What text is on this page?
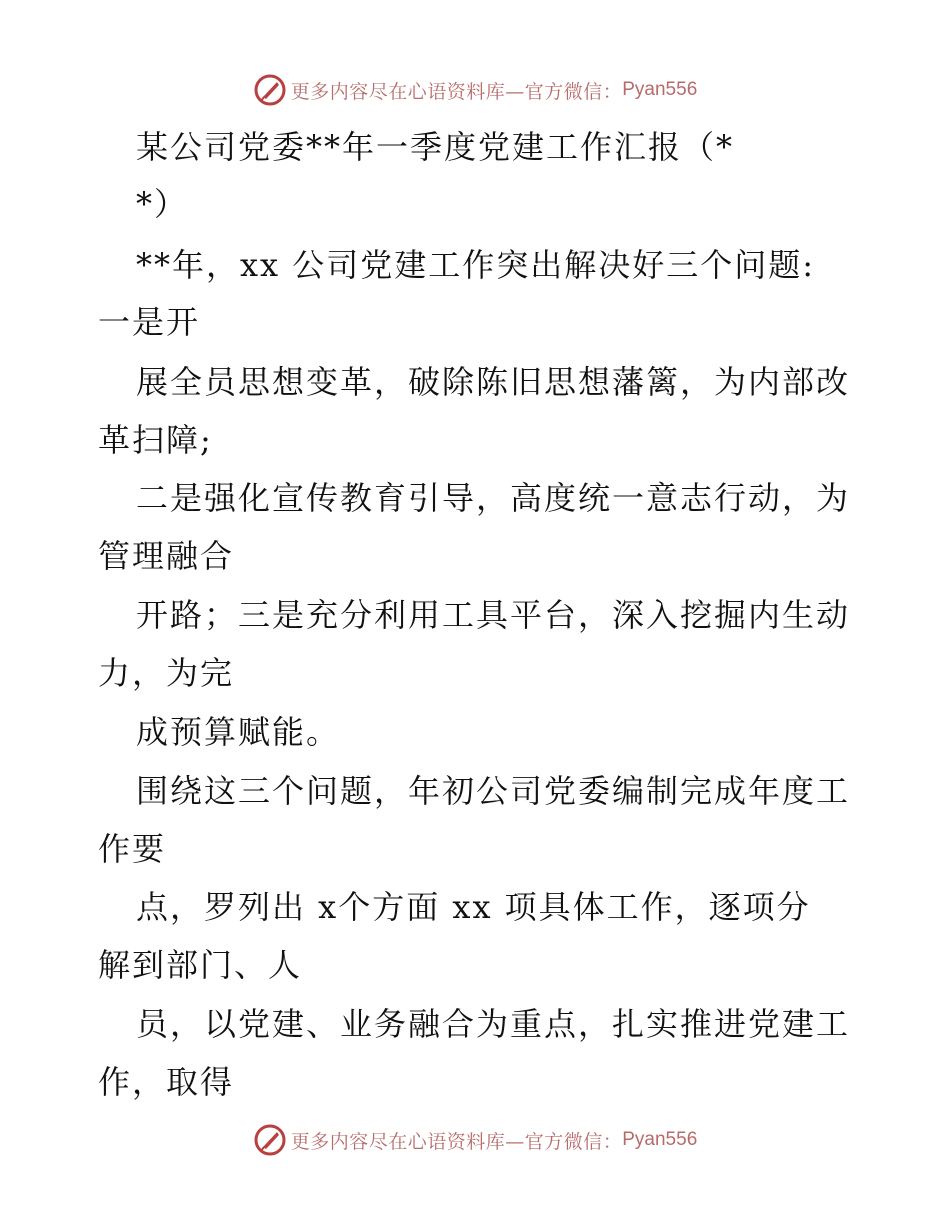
更多内容尽在心语资料库—官方微信： Pyan556
某公司党委**年一季度党建工作汇报（*
*）
**年，xx 公司党建工作突出解决好三个问题:
一是开
展全员思想变革，破除陈旧思想藩篱，为内部改
革扫障;
二是强化宣传教育引导，高度统一意志行动，为
管理融合
开路；三是充分利用工具平台，深入挖掘内生动
力，为完
成预算赋能。
围绕这三个问题，年初公司党委编制完成年度工
作要
点，罗列出 x个方面 xx 项具体工作，逐项分
解到部门、人
员，以党建、业务融合为重点，扎实推进党建工
作，取得
更多内容尽在心语资料库—官方微信： Pyan556
